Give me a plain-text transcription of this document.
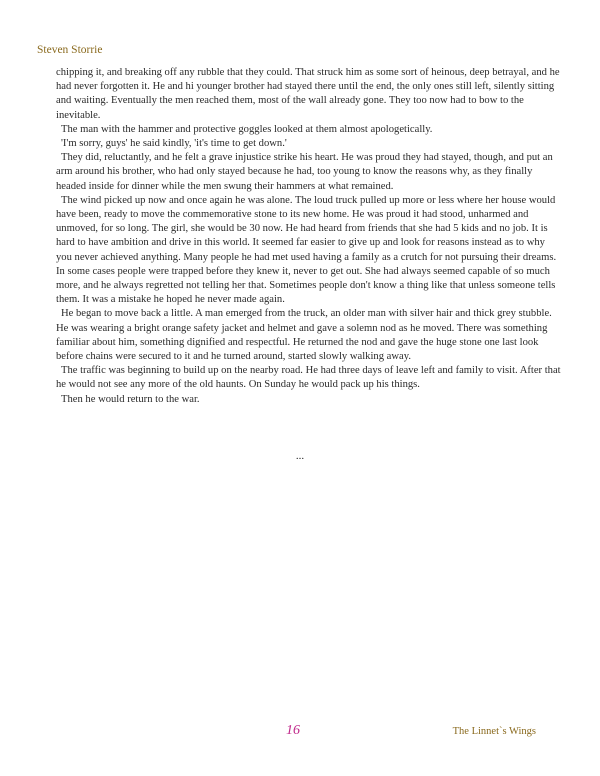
Steven Storrie

chipping it, and breaking off any rubble that they could. That struck him as some sort of heinous, deep betrayal, and he had never forgotten it. He and hi younger brother had stayed there until the end, the only ones still left, silently sitting and waiting. Eventually the men reached them, most of the wall already gone. They too now had to bow to the inevitable.

The man with the hammer and protective goggles looked at them almost apologetically.

'I'm sorry, guys' he said kindly, 'it's time to get down.'

They did, reluctantly, and he felt a grave injustice strike his heart. He was proud they had stayed, though, and put an arm around his brother, who had only stayed because he had, too young to know the reasons why, as they finally headed inside for dinner while the men swung their hammers at what remained.

The wind picked up now and once again he was alone. The loud truck pulled up more or less where her house would have been, ready to move the commemorative stone to its new home. He was proud it had stood, unharmed and unmoved, for so long. The girl, she would be 30 now. He had heard from friends that she had 5 kids and no job. It is hard to have ambition and drive in this world. It seemed far easier to give up and look for reasons instead as to why you never achieved anything. Many people he had met used having a family as a crutch for not pursuing their dreams. In some cases people were trapped before they knew it, never to get out. She had always seemed capable of so much more, and he always regretted not telling her that. Sometimes people don't know a thing like that unless someone tells them. It was a mistake he hoped he never made again.

He began to move back a little. A man emerged from the truck, an older man with silver hair and thick grey stubble. He was wearing a bright orange safety jacket and helmet and gave a solemn nod as he moved. There was something familiar about him, something dignified and respectful. He returned the nod and gave the huge stone one last look before chains were secured to it and he turned around, started slowly walking away.

The traffic was beginning to build up on the nearby road. He had three days of leave left and family to visit. After that he would not see any more of the old haunts. On Sunday he would pack up his things.

Then he would return to the war.

...
16	The Linnet`s Wings
